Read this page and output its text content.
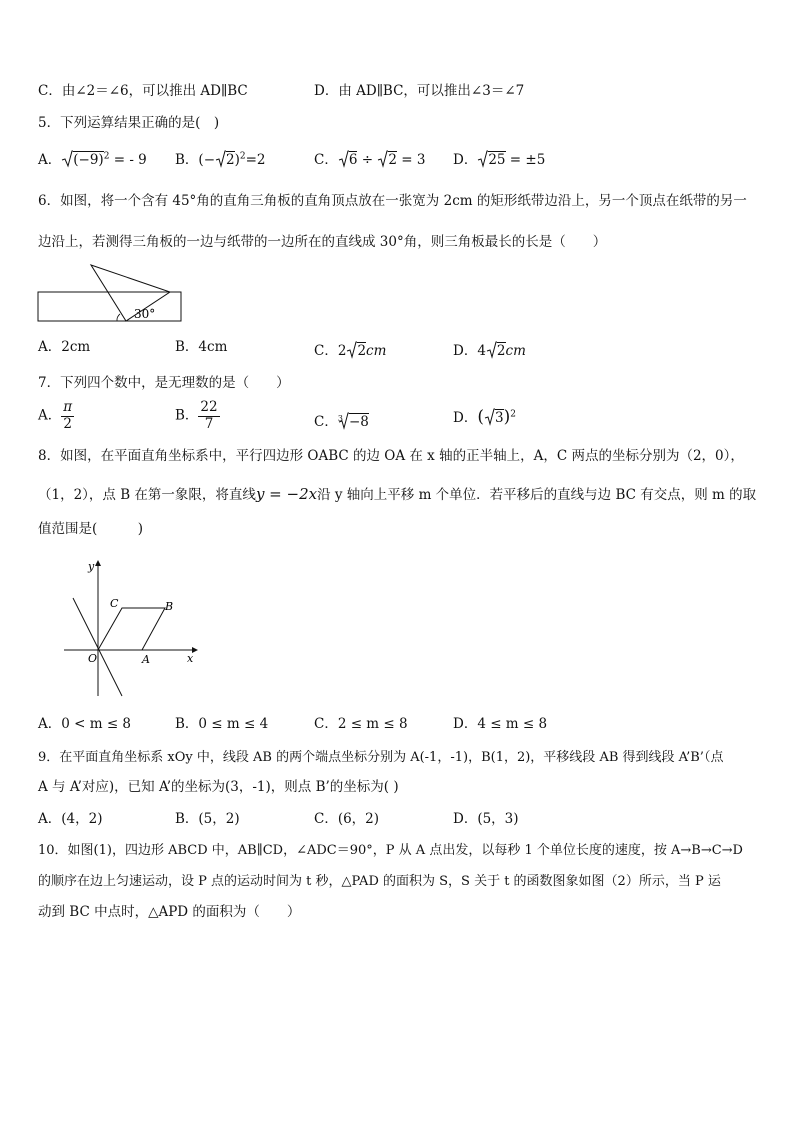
C．由∠2＝∠6，可以推出 AD∥BC	D．由 AD∥BC，可以推出∠3＝∠7
5．下列运算结果正确的是(　)
A． $(-9)^2$ = - 9 B．(− 2)$^2$=2	C． 6 ÷ 2 = 3 D． 25 = ±5
6．如图，将一个含有 45°角的直角三角板的直角顶点放在一张宽为 2cm 的矩形纸带边沿上，另一个顶点在纸带的另一
边沿上，若测得三角板的一边与纸带的一边所在的直线成 30°角，则三角板最长的长是（　　）
30°
A．2cm	B．4cm	C．2 2cm	D．4 2cm
7．下列四个数中，是无理数的是（　　）
A． $\frac{\pi}{2}$	B． $\frac{22}{7}$	C．$^3$ −8	D．( 3)$^2$
8．如图，在平面直角坐标系中，平行四边形 OABC 的边 OA 在 x 轴的正半轴上，A，C 两点的坐标分别为（2，0），
（1，2），点 B 在第一象限，将直线y = −2x沿 y 轴向上平移 m 个单位．若平移后的直线与边 BC 有交点，则 m 的取
值范围是(　　　)
y
x
O	A
B
C
A．0 < m ≤ 8	B．0 ≤ m ≤ 4	C．2 ≤ m ≤ 8	D．4 ≤ m ≤ 8
9．在平面直角坐标系 xOy 中，线段 AB 的两个端点坐标分别为 A(-1，-1)，B(1，2)，平移线段 AB 得到线段 A’B’（点
A 与 A’对应)，已知 A’的坐标为(3，-1)，则点 B’的坐标为( )
A．(4，2)	B．(5，2)	C．(6，2)	D．(5，3)
10．如图(1)，四边形 ABCD 中，AB∥CD，∠ADC＝90°，P 从 A 点出发，以每秒 1 个单位长度的速度，按 A→B→C→D
的顺序在边上匀速运动，设 P 点的运动时间为 t 秒，△PAD 的面积为 S，S 关于 t 的函数图象如图（2）所示，当 P 运
动到 BC 中点时，△APD 的面积为（　　）
